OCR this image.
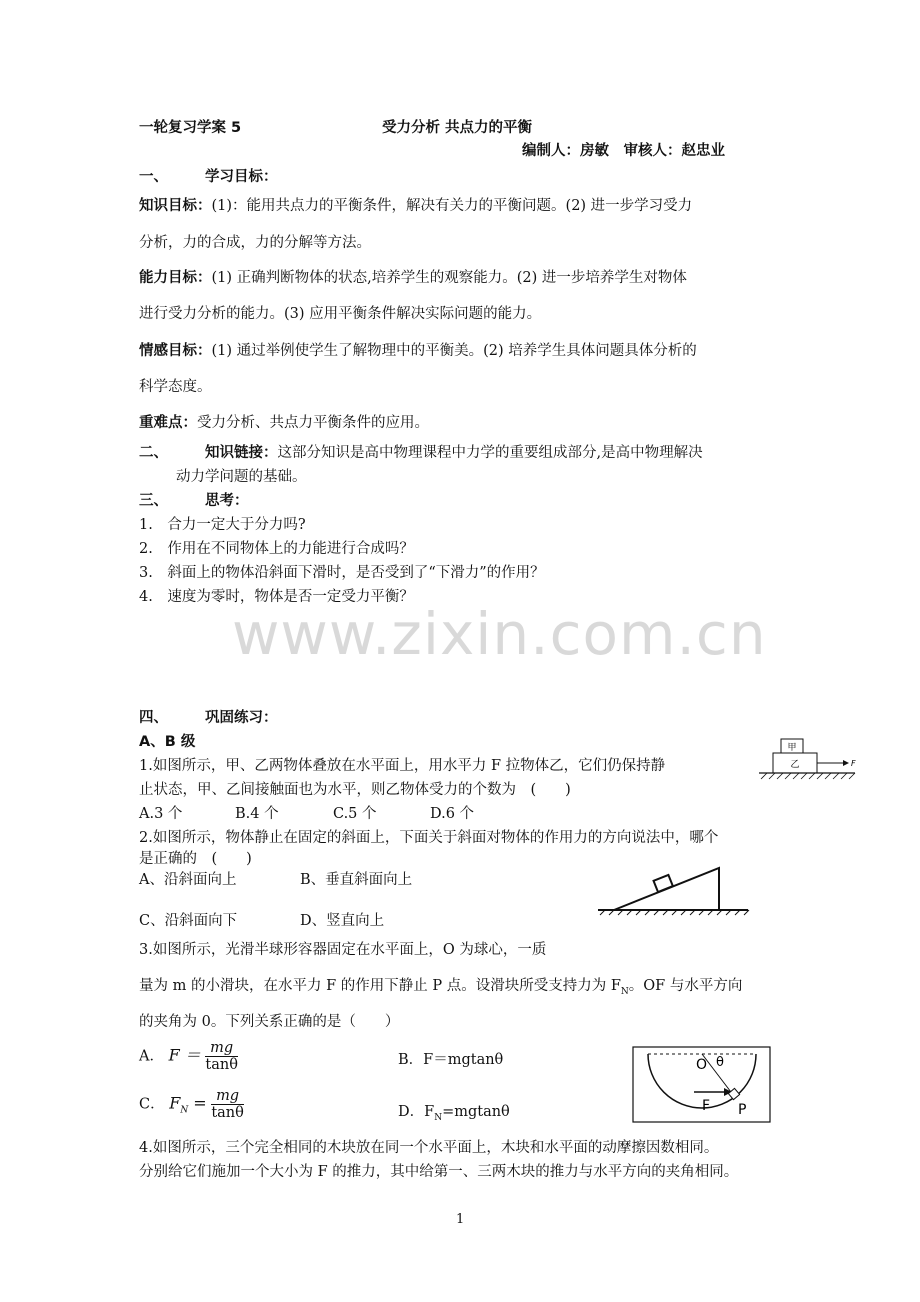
一轮复习学案 5	受力分析 共点力的平衡
编制人：房敏　审核人：赵忠业
一、	学习目标：
知识目标：(1)：能用共点力的平衡条件，解决有关力的平衡问题。(2) 进一步学习受力
分析，力的合成，力的分解等方法。
能力目标：(1) 正确判断物体的状态,培养学生的观察能力。(2) 进一步培养学生对物体
进行受力分析的能力。(3) 应用平衡条件解决实际问题的能力。
情感目标：(1) 通过举例使学生了解物理中的平衡美。(2) 培养学生具体问题具体分析的
科学态度。
重难点：受力分析、共点力平衡条件的应用。
二、	知识链接：这部分知识是高中物理课程中力学的重要组成部分,是高中物理解决
动力学问题的基础。
三、	思考：
1.　合力一定大于分力吗?
2.　作用在不同物体上的力能进行合成吗？
3.　斜面上的物体沿斜面下滑时，是否受到了“下滑力”的作用？
4.　速度为零时，物体是否一定受力平衡？
www.zixin.com.cn
四、	巩固练习：
A、B 级
1.如图所示，甲、乙两物体叠放在水平面上，用水平力 F 拉物体乙，它们仍保持静
止状态，甲、乙间接触面也为水平，则乙物体受力的个数为　(　　)
A.3 个	B.4 个	C.5 个	D.6 个
甲
乙	F
2.如图所示，物体静止在固定的斜面上，下面关于斜面对物体的作用力的方向说法中，哪个
是正确的　(　　)
A、沿斜面向上	B、垂直斜面向上
C、沿斜面向下	D、竖直向上
3.如图所示，光滑半球形容器固定在水平面上，O 为球心，一质
量为 m 的小滑块，在水平力 F 的作用下静止 P 点。设滑块所受支持力为 $F_N$。OF 与水平方向
的夹角为 0。下列关系正确的是（　　）
A． $F = \frac{mg}{\tan\theta}$	B．F＝mgtanθ
C． $F_N = \frac{mg}{\tan\theta}$	D．$F_N=mgtan\theta$
O θ
F P
4.如图所示，三个完全相同的木块放在同一个水平面上，木块和水平面的动摩擦因数相同。
分别给它们施加一个大小为 F 的推力，其中给第一、三两木块的推力与水平方向的夹角相同。
1
